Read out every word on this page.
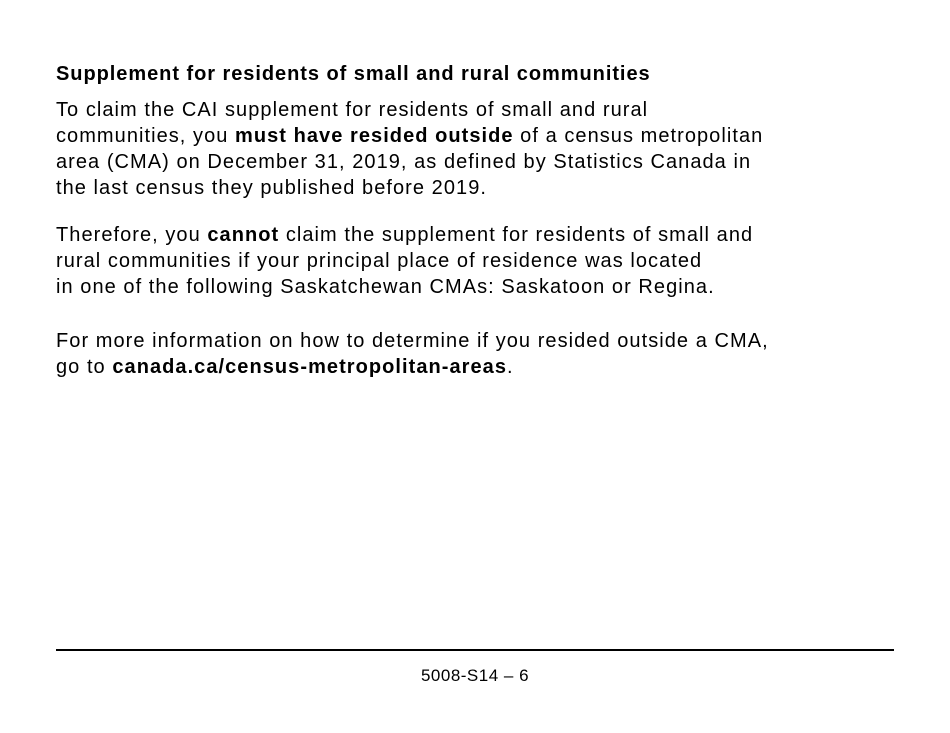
Supplement for residents of small and rural communities

To claim the CAI supplement for residents of small and rural
communities, you must have resided outside of a census metropolitan
area (CMA) on December 31, 2019, as defined by Statistics Canada in
the last census they published before 2019.

Therefore, you cannot claim the supplement for residents of small and
rural communities if your principal place of residence was located
in one of the following Saskatchewan CMAs: Saskatoon or Regina.

For more information on how to determine if you resided outside a CMA,
go to canada.ca/census-metropolitan-areas.

5008-S14 – 6
